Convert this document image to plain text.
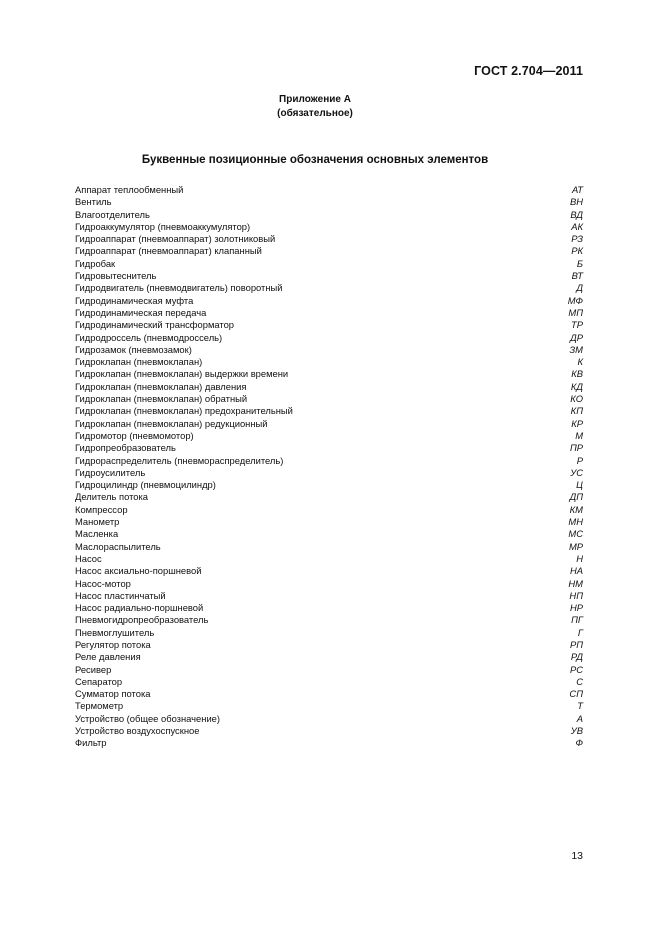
ГОСТ 2.704—2011
Приложение А
(обязательное)
Буквенные позиционные обозначения основных элементов
Аппарат теплообменный	АТ
Вентиль	ВН
Влагоотделитель	ВД
Гидроаккумулятор (пневмоаккумулятор)	АК
Гидроаппарат (пневмоаппарат) золотниковый	РЗ
Гидроаппарат (пневмоаппарат) клапанный	РК
Гидробак	Б
Гидровытеснитель	ВТ
Гидродвигатель (пневмодвигатель) поворотный	Д
Гидродинамическая муфта	МФ
Гидродинамическая передача	МП
Гидродинамический трансформатор	ТР
Гидродроссель (пневмодроссель)	ДР
Гидрозамок (пневмозамок)	ЗМ
Гидроклапан (пневмоклапан)	К
Гидроклапан (пневмоклапан) выдержки времени	КВ
Гидроклапан (пневмоклапан) давления	КД
Гидроклапан (пневмоклапан) обратный	КО
Гидроклапан (пневмоклапан) предохранительный	КП
Гидроклапан (пневмоклапан) редукционный	КР
Гидромотор (пневмомотор)	М
Гидропреобразователь	ПР
Гидрораспределитель (пневмораспределитель)	Р
Гидроусилитель	УС
Гидроцилиндр (пневмоцилиндр)	Ц
Делитель потока	ДП
Компрессор	КМ
Манометр	МН
Масленка	МС
Маслораспылитель	МР
Насос	Н
Насос аксиально-поршневой	НА
Насос-мотор	НМ
Насос пластинчатый	НП
Насос радиально-поршневой	НР
Пневмогидропреобразователь	ПГ
Пневмоглушитель	Г
Регулятор потока	РП
Реле давления	РД
Ресивер	РС
Сепаратор	С
Сумматор потока	СП
Термометр	Т
Устройство (общее обозначение)	А
Устройство воздухоспускное	УВ
Фильтр	Ф
13
